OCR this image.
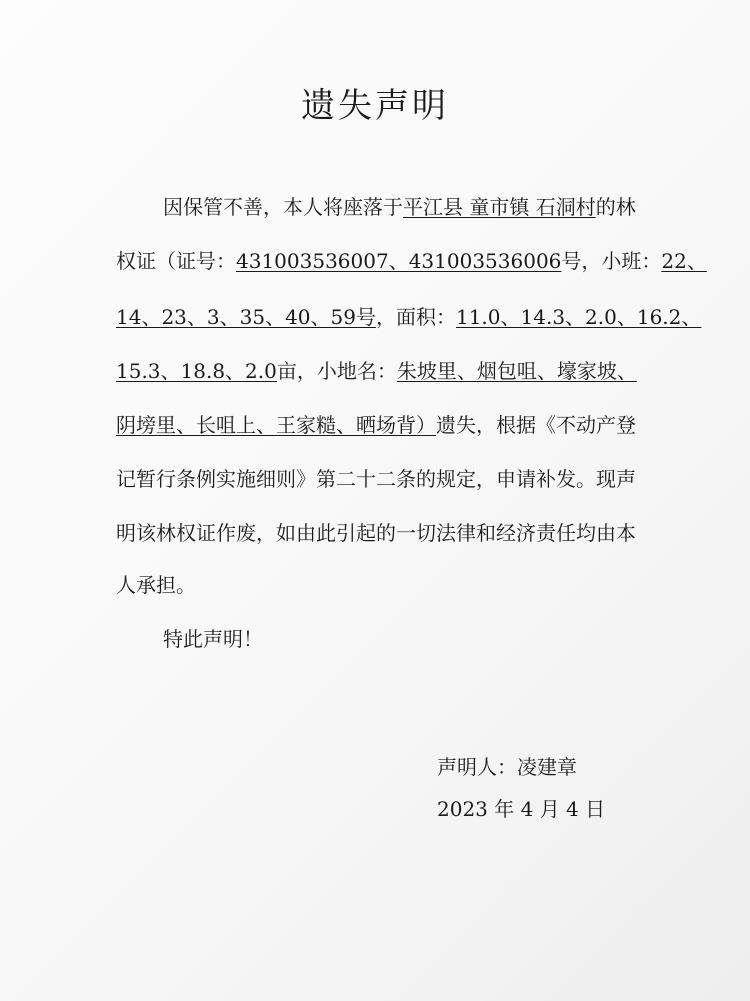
遗失声明
因保管不善，本人将座落于平江县 童市镇 石洞村的林
权证（证号：431003536007、431003536006号，小班：22、
14、23、3、35、40、59号，面积：11.0、14.3、2.0、16.2、
15.3、18.8、2.0亩，小地名：朱坡里、烟包咀、壕家坡、
阴塝里、长咀上、王家糙、晒场背）遗失，根据《不动产登
记暂行条例实施细则》第二十二条的规定，申请补发。现声
明该林权证作废，如由此引起的一切法律和经济责任均由本
人承担。
特此声明！
声明人：凌建章
2023 年 4 月 4 日
